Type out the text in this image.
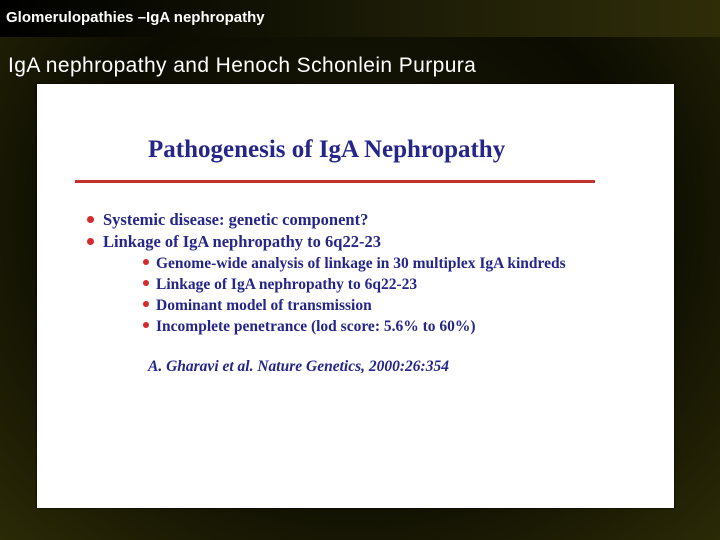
Glomerulopathies –IgA nephropathy
IgA nephropathy and Henoch Schonlein Purpura
Pathogenesis of IgA Nephropathy
Systemic disease: genetic component?
Linkage of IgA nephropathy to 6q22-23
Genome-wide analysis of linkage in 30 multiplex IgA kindreds
Linkage of IgA nephropathy to 6q22-23
Dominant model of transmission
Incomplete penetrance (lod score: 5.6% to 60%)
A. Gharavi et al. Nature Genetics, 2000:26:354
